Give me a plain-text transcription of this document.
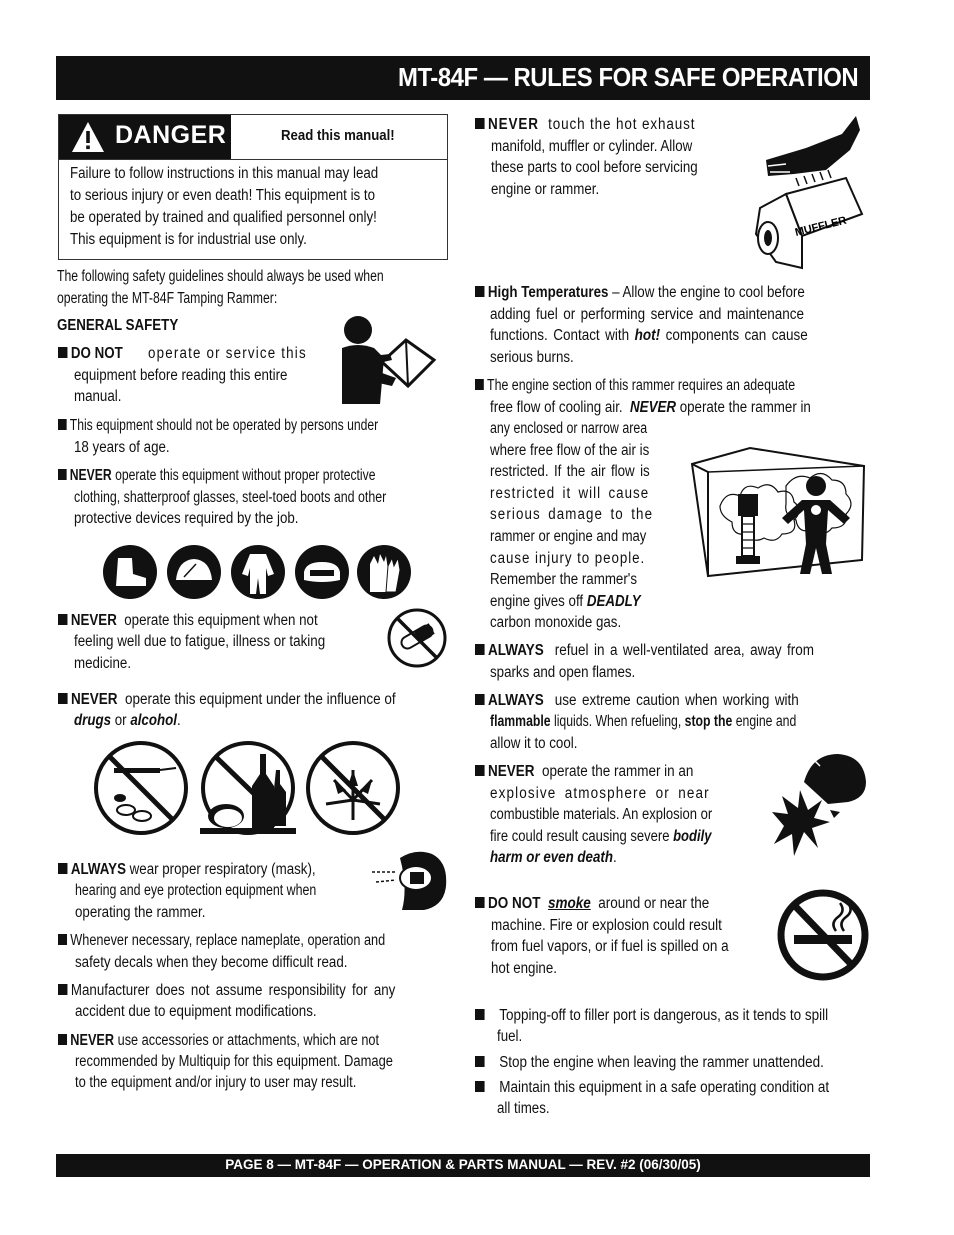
MT-84F — RULES FOR SAFE OPERATION
DANGER	Read this manual!
Failure to follow instructions in this manual may lead
to serious injury or even death! This equipment is to
be operated by trained and qualified personnel only!
This equipment is for industrial use only.
The following safety guidelines should always be used when
operating the MT-84F Tamping Rammer:
GENERAL SAFETY
DO NOT operate or service this
equipment before reading this entire
manual.
This equipment should not be operated by persons under
18 years of age.
NEVER operate this equipment without proper protective
clothing, shatterproof glasses, steel-toed boots and other
protective devices required by the job.
NEVER operate this equipment when not
feeling well due to fatigue, illness or taking
medicine.
NEVER operate this equipment under the influence of
drugs or alcohol.
ALWAYS wear proper respiratory (mask),
hearing and eye protection equipment when
operating the rammer.
Whenever necessary, replace nameplate, operation and
safety decals when they become difficult read.
Manufacturer does not assume responsibility for any
accident due to equipment modifications.
NEVER use accessories or attachments, which are not
recommended by Multiquip for this equipment. Damage
to the equipment and/or injury to user may result.
NEVER touch the hot exhaust
manifold, muffler or cylinder. Allow
these parts to cool before servicing
engine or rammer.
MUFFLER
High Temperatures – Allow the engine to cool before
adding fuel or performing service and maintenance
functions. Contact with hot! components can cause
serious burns.
The engine section of this rammer requires an adequate
free flow of cooling air. NEVER operate the rammer in
any enclosed or narrow area
where free flow of the air is
restricted. If the air flow is
restricted it will cause
serious damage to the
rammer or engine and may
cause injury to people.
Remember the rammer's
engine gives off DEADLY
carbon monoxide gas.
ALWAYS refuel in a well-ventilated area, away from
sparks and open flames.
ALWAYS use extreme caution when working with
flammable liquids. When refueling, stop the engine and
allow it to cool.
NEVER operate the rammer in an
explosive atmosphere or near
combustible materials. An explosion or
fire could result causing severe bodily
harm or even death.
DO NOT smoke around or near the
machine. Fire or explosion could result
from fuel vapors, or if fuel is spilled on a
hot engine.
Topping-off to filler port is dangerous, as it tends to spill
fuel.
Stop the engine when leaving the rammer unattended.
Maintain this equipment in a safe operating condition at
all times.
PAGE 8 — MT-84F — OPERATION & PARTS MANUAL — REV. #2 (06/30/05)
